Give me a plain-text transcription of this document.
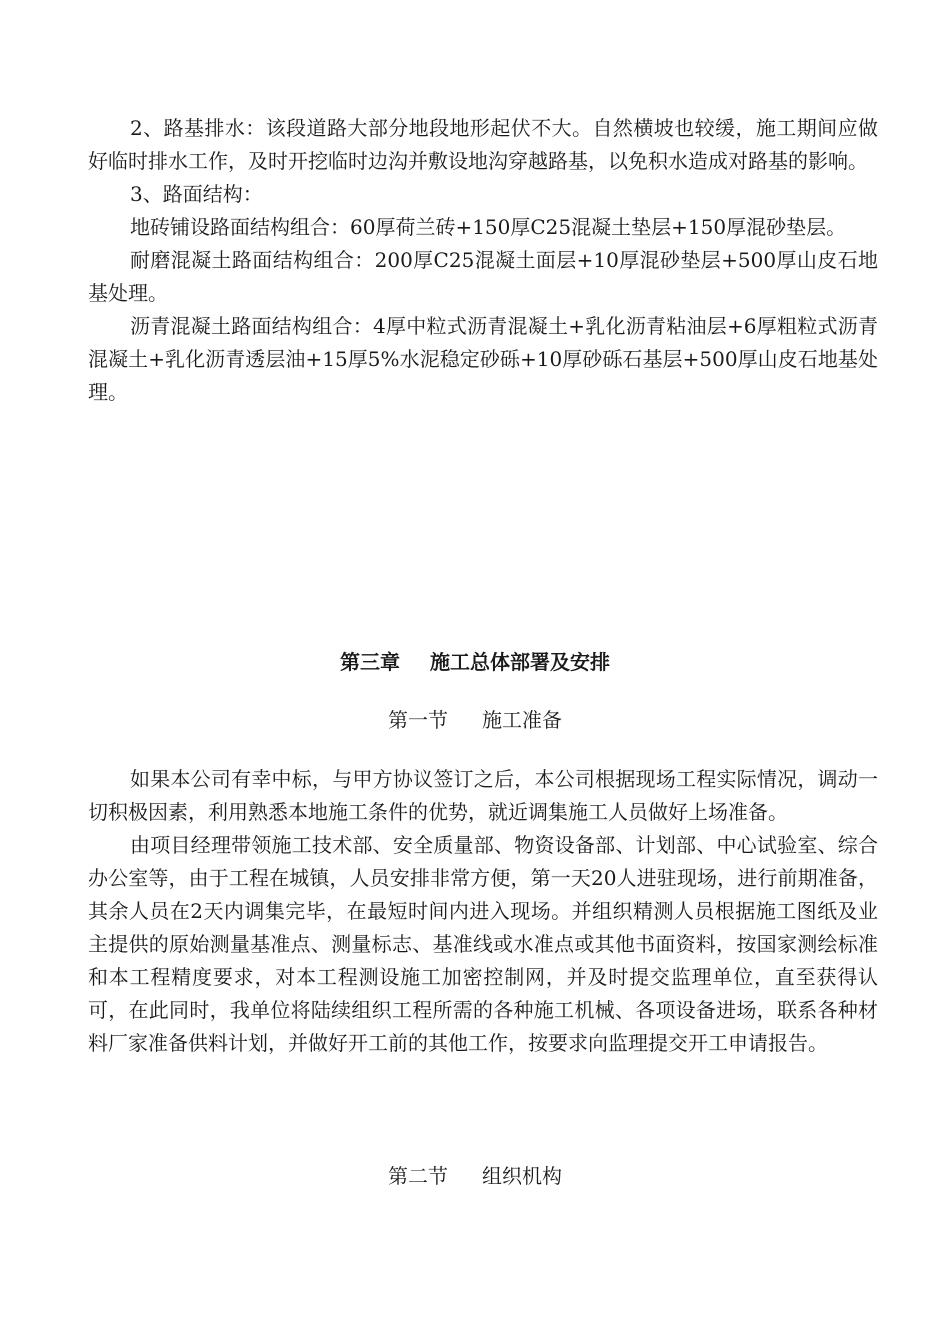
2、路基排水：该段道路大部分地段地形起伏不大。自然横坡也较缓，施工期间应做好临时排水工作，及时开挖临时边沟并敷设地沟穿越路基，以免积水造成对路基的影响。

3、路面结构：

地砖铺设路面结构组合：60厚荷兰砖+150厚C25混凝土垫层+150厚混砂垫层。

耐磨混凝土路面结构组合：200厚C25混凝土面层+10厚混砂垫层+500厚山皮石地基处理。

沥青混凝土路面结构组合：4厚中粒式沥青混凝土+乳化沥青粘油层+6厚粗粒式沥青混凝土+乳化沥青透层油+15厚5%水泥稳定砂砾+10厚砂砾石基层+500厚山皮石地基处理。

第三章 施工总体部署及安排
第一节 施工准备

如果本公司有幸中标，与甲方协议签订之后，本公司根据现场工程实际情况，调动一切积极因素，利用熟悉本地施工条件的优势，就近调集施工人员做好上场准备。

由项目经理带领施工技术部、安全质量部、物资设备部、计划部、中心试验室、综合办公室等，由于工程在城镇，人员安排非常方便，第一天20人进驻现场，进行前期准备，其余人员在2天内调集完毕，在最短时间内进入现场。并组织精测人员根据施工图纸及业主提供的原始测量基准点、测量标志、基准线或水准点或其他书面资料，按国家测绘标准和本工程精度要求，对本工程测设施工加密控制网，并及时提交监理单位，直至获得认可，在此同时，我单位将陆续组织工程所需的各种施工机械、各项设备进场，联系各种材料厂家准备供料计划，并做好开工前的其他工作，按要求向监理提交开工申请报告。

第二节 组织机构
